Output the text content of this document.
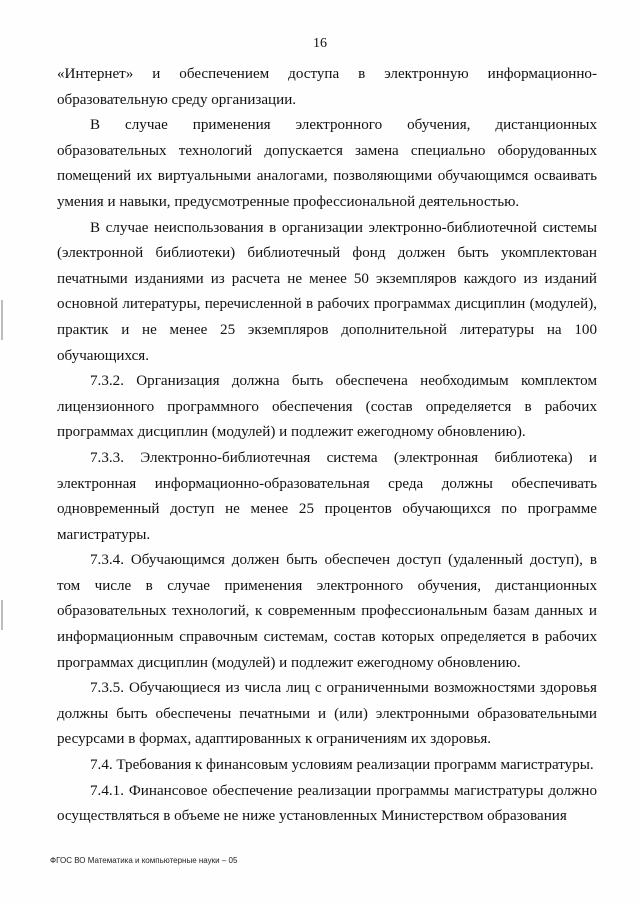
16

«Интернет» и обеспечением доступа в электронную информационно-образовательную среду организации.

В случае применения электронного обучения, дистанционных образовательных технологий допускается замена специально оборудованных помещений их виртуальными аналогами, позволяющими обучающимся осваивать умения и навыки, предусмотренные профессиональной деятельностью.

В случае неиспользования в организации электронно-библиотечной системы (электронной библиотеки) библиотечный фонд должен быть укомплектован печатными изданиями из расчета не менее 50 экземпляров каждого из изданий основной литературы, перечисленной в рабочих программах дисциплин (модулей), практик и не менее 25 экземпляров дополнительной литературы на 100 обучающихся.

7.3.2. Организация должна быть обеспечена необходимым комплектом лицензионного программного обеспечения (состав определяется в рабочих программах дисциплин (модулей) и подлежит ежегодному обновлению).

7.3.3. Электронно-библиотечная система (электронная библиотека) и электронная информационно-образовательная среда должны обеспечивать одновременный доступ не менее 25 процентов обучающихся по программе магистратуры.

7.3.4. Обучающимся должен быть обеспечен доступ (удаленный доступ), в том числе в случае применения электронного обучения, дистанционных образовательных технологий, к современным профессиональным базам данных и информационным справочным системам, состав которых определяется в рабочих программах дисциплин (модулей) и подлежит ежегодному обновлению.

7.3.5. Обучающиеся из числа лиц с ограниченными возможностями здоровья должны быть обеспечены печатными и (или) электронными образовательными ресурсами в формах, адаптированных к ограничениям их здоровья.

7.4. Требования к финансовым условиям реализации программ магистратуры.

7.4.1. Финансовое обеспечение реализации программы магистратуры должно осуществляться в объеме не ниже установленных Министерством образования

ФГОС ВО Математика и компьютерные науки – 05
